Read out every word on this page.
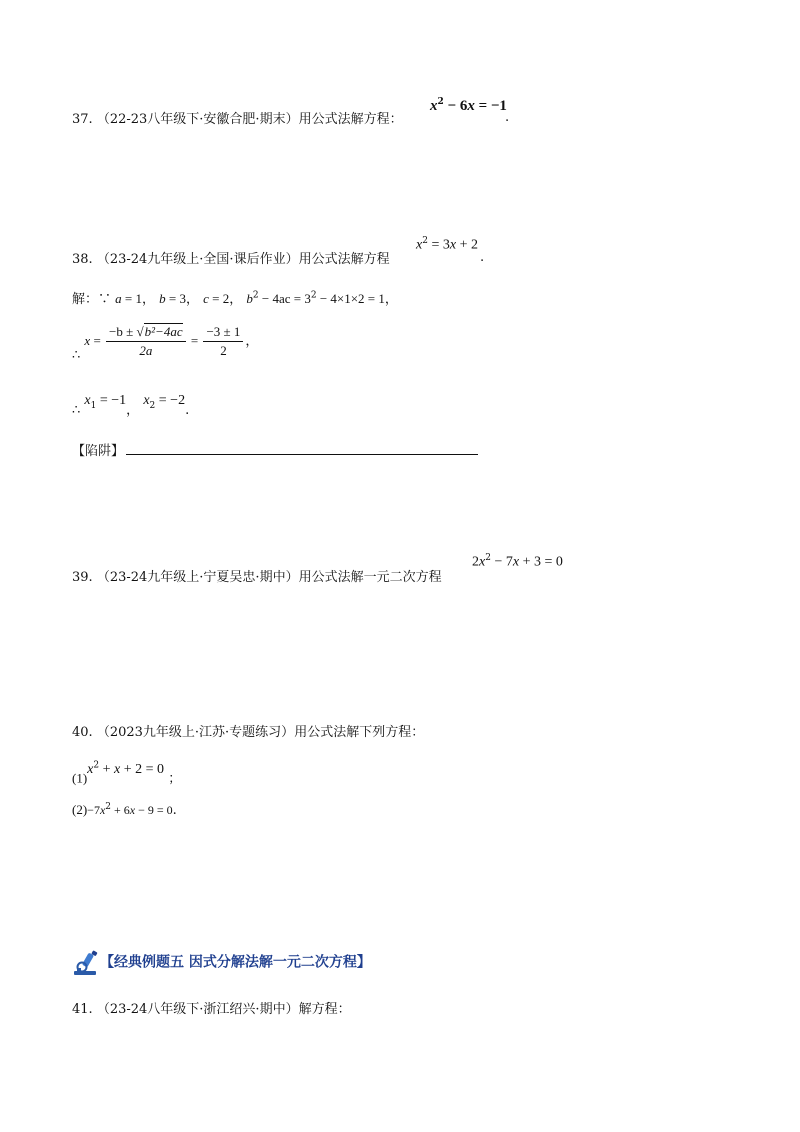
37. （22-23八年级下·安徽合肥·期末）用公式法解方程：
$x^2 - 6x = -1$
.
38. （23-24九年级上·全国·课后作业）用公式法解方程
$x^2 = 3x + 2$
.
解：∵ a = 1， b = 3， c = 2， $b^2 - 4ac = 3^2 - 4\times 1\times 2 = 1$，
∴ $x = \frac{\text{−b ± √b²−4ac}}{2a} = \frac{-3 \pm 1}{2}$ ，
∴ $x_1 = -1$， $x_2 = -2$.
【陷阱】
39. （23-24九年级上·宁夏吴忠·期中）用公式法解一元二次方程
$2x^2 - 7x + 3 = 0$
40. （2023九年级上·江苏·专题练习）用公式法解下列方程：
$(1)x^2 + x + 2 = 0$ ；
$(2)-7x^2 + 6x - 9 = 0$.
【经典例题五 因式分解法解一元二次方程】
41. （23-24八年级下·浙江绍兴·期中）解方程：
